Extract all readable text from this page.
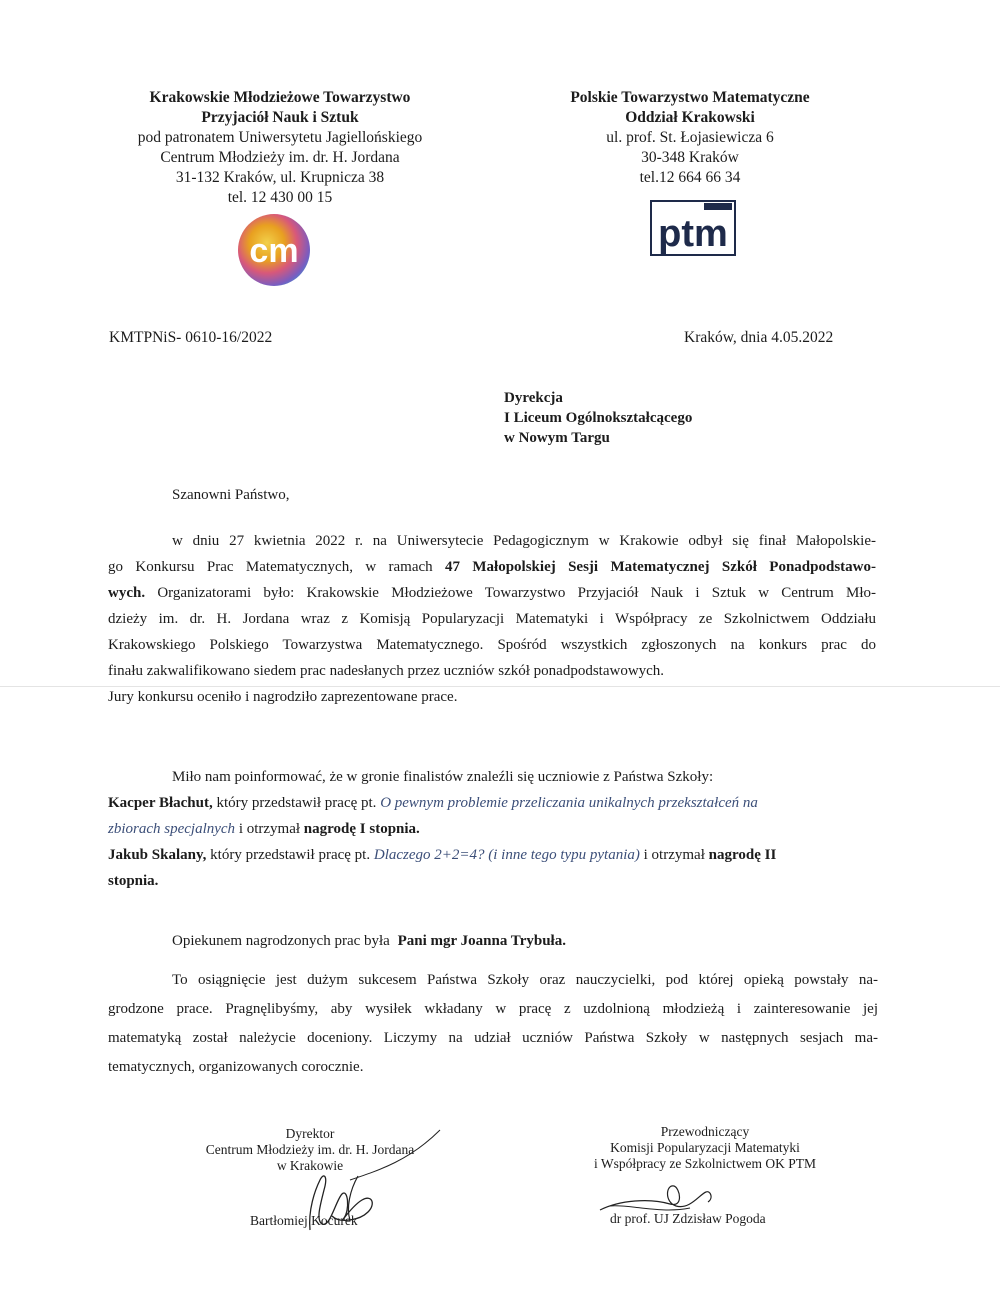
Krakowskie Młodzieżowe Towarzystwo
Przyjaciół Nauk i Sztuk
pod patronatem Uniwersytetu Jagiellońskiego
Centrum Młodzieży im. dr. H. Jordana
31-132 Kraków, ul. Krupnicza 38
tel. 12 430 00 15
cm
Polskie Towarzystwo Matematyczne
Oddział Krakowski
ul. prof. St. Łojasiewicza 6
30-348 Kraków
tel.12 664 66 34
ptm
KMTPNiS- 0610-16/2022	Kraków, dnia 4.05.2022
Dyrekcja
I Liceum Ogólnokształcącego
w Nowym Targu
Szanowni Państwo,
w dniu 27 kwietnia 2022 r. na Uniwersytecie Pedagogicznym w Krakowie odbył się finał Małopolskie-
go Konkursu Prac Matematycznych, w ramach 47 Małopolskiej Sesji Matematycznej Szkół Ponadpodstawo-
wych. Organizatorami było: Krakowskie Młodzieżowe Towarzystwo Przyjaciół Nauk i Sztuk w Centrum Mło-
dzieży im. dr. H. Jordana wraz z Komisją Popularyzacji Matematyki i Współpracy ze Szkolnictwem Oddziału
Krakowskiego Polskiego Towarzystwa Matematycznego. Spośród wszystkich zgłoszonych na konkurs prac do
finału zakwalifikowano siedem prac nadesłanych przez uczniów szkół ponadpodstawowych.
Jury konkursu oceniło i nagrodziło zaprezentowane prace.
Miło nam poinformować, że w gronie finalistów znaleźli się uczniowie z Państwa Szkoły:
Kacper Błachut, który przedstawił pracę pt. O pewnym problemie przeliczania unikalnych przekształceń na
zbiorach specjalnych i otrzymał nagrodę I stopnia.
Jakub Skalany, który przedstawił pracę pt. Dlaczego 2+2=4? (i inne tego typu pytania) i otrzymał nagrodę II
stopnia.
Opiekunem nagrodzonych prac była Pani mgr Joanna Trybuła.
To osiągnięcie jest dużym sukcesem Państwa Szkoły oraz nauczycielki, pod której opieką powstały na-
grodzone prace. Pragnęlibyśmy, aby wysiłek wkładany w pracę z uzdolnioną młodzieżą i zainteresowanie jej
matematyką został należycie doceniony. Liczymy na udział uczniów Państwa Szkoły w następnych sesjach ma-
tematycznych, organizowanych corocznie.
Dyrektor
Centrum Młodzieży im. dr. H. Jordana
w Krakowie
Bartłomiej Kocurek
Przewodniczący
Komisji Popularyzacji Matematyki
i Współpracy ze Szkolnictwem OK PTM
dr prof. UJ Zdzisław Pogoda
